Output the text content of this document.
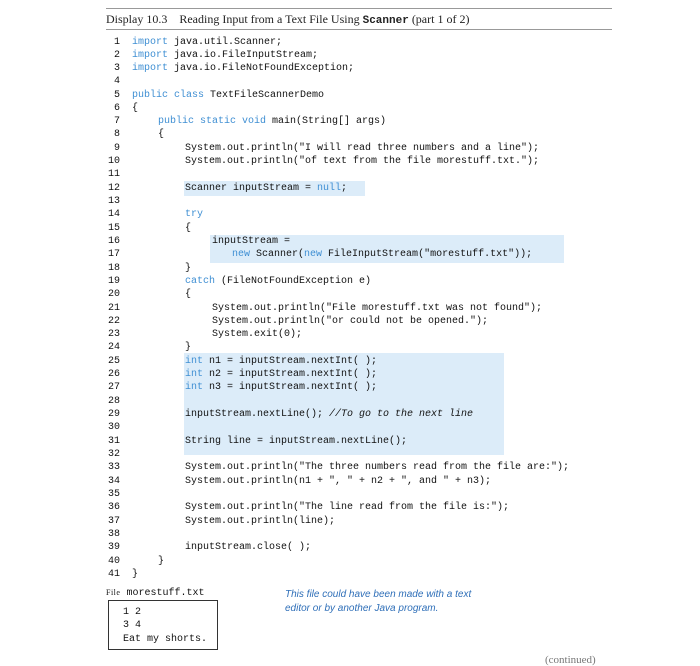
Display 10.3 Reading Input from a Text File Using Scanner (part 1 of 2)
1
2
3
4
5
6
7
8
9
10
11
12
13
14
15
16
17
18
19
20
21
22
23
24
25
26
27
28
29
30
31
32
33
34
35
36
37
38
39
40
41
import java.util.Scanner;
import java.io.FileInputStream;
import java.io.FileNotFoundException;
public class TextFileScannerDemo
{
public static void main(String[] args)
{
System.out.println("I will read three numbers and a line");
System.out.println("of text from the file morestuff.txt.");
Scanner inputStream = null;
try
{
inputStream =
new Scanner(new FileInputStream("morestuff.txt"));
}
catch (FileNotFoundException e)
{
System.out.println("File morestuff.txt was not found");
System.out.println("or could not be opened.");
System.exit(0);
}
int n1 = inputStream.nextInt( );
int n2 = inputStream.nextInt( );
int n3 = inputStream.nextInt( );
inputStream.nextLine(); //To go to the next line
String line = inputStream.nextLine();
System.out.println("The three numbers read from the file are:");
System.out.println(n1 + ", " + n2 + ", and " + n3);
System.out.println("The line read from the file is:");
System.out.println(line);
inputStream.close( );
}
}
File morestuff.txt
1 2
3 4
Eat my shorts.
This file could have been made with a text editor or by another Java program.
(continued)
